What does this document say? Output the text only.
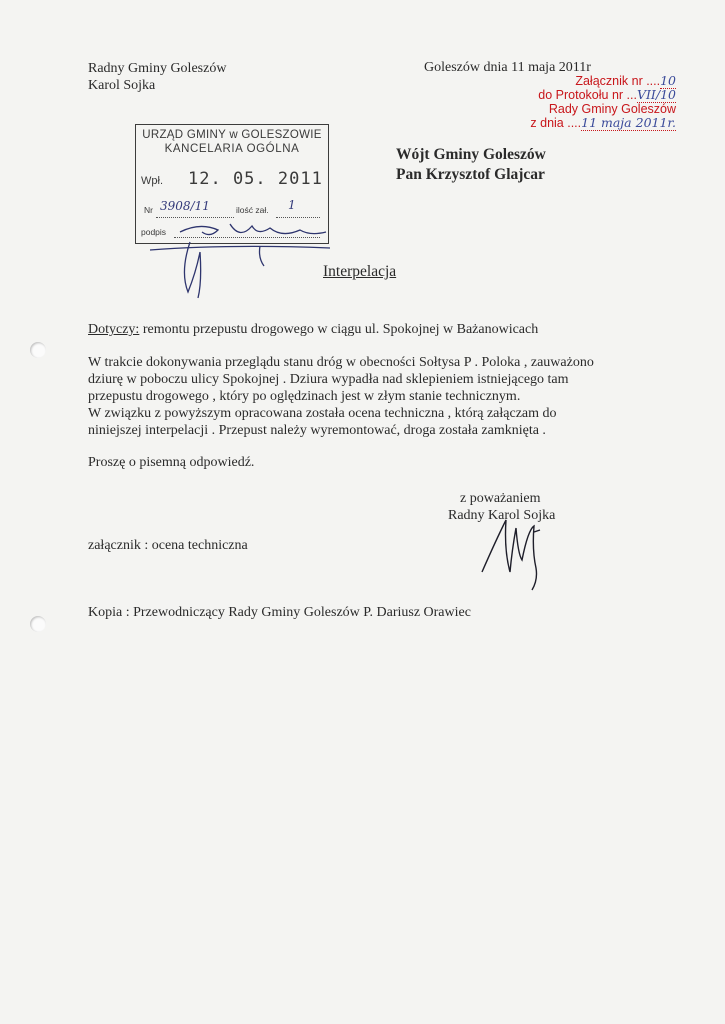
Radny Gminy Goleszów
Karol Sojka
Goleszów dnia 11 maja 2011r
Załącznik nr ....10
do Protokołu nr ...VII/10
Rady Gminy Goleszów
z dnia ....11 maja 2011r.
URZĄD GMINY w GOLESZOWIE
KANCELARIA OGÓLNA
Wpł. 12. 05. 2011
Nr 3908/11	ilość zał. 1
podpis
Wójt Gminy Goleszów
Pan Krzysztof Glajcar
Interpelacja
Dotyczy: remontu przepustu drogowego w ciągu ul. Spokojnej w Bażanowicach
W trakcie dokonywania przeglądu stanu dróg w obecności Sołtysa P . Poloka , zauważono
dziurę w poboczu ulicy Spokojnej . Dziura wypadła nad sklepieniem istniejącego tam
przepustu drogowego , który po oględzinach jest w złym stanie technicznym.
W związku z powyższym opracowana została ocena techniczna , którą załączam do
niniejszej interpelacji . Przepust należy wyremontować, droga została zamknięta .
Proszę o pisemną odpowiedź.
z poważaniem
Radny Karol Sojka
załącznik : ocena techniczna
Kopia : Przewodniczący Rady Gminy Goleszów P. Dariusz Orawiec
